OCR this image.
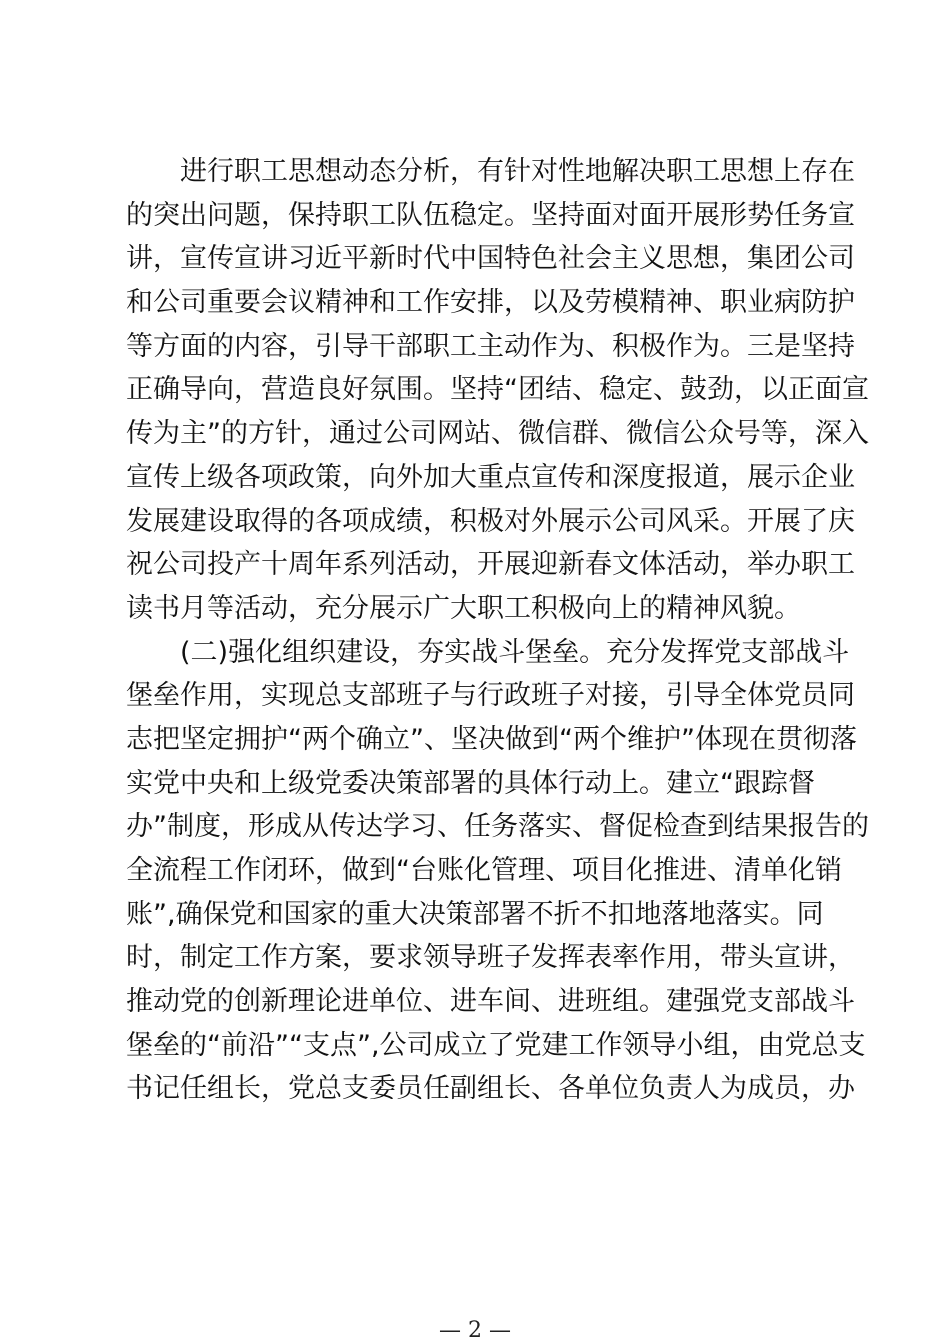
进行职工思想动态分析，有针对性地解决职工思想上存在
的突出问题，保持职工队伍稳定。坚持面对面开展形势任务宣
讲，宣传宣讲习近平新时代中国特色社会主义思想，集团公司
和公司重要会议精神和工作安排，以及劳模精神、职业病防护
等方面的内容，引导干部职工主动作为、积极作为。三是坚持
正确导向，营造良好氛围。坚持“团结、稳定、鼓劲，以正面宣
传为主”的方针，通过公司网站、微信群、微信公众号等，深入
宣传上级各项政策，向外加大重点宣传和深度报道，展示企业
发展建设取得的各项成绩，积极对外展示公司风采。开展了庆
祝公司投产十周年系列活动，开展迎新春文体活动，举办职工
读书月等活动，充分展示广大职工积极向上的精神风貌。
(二)强化组织建设，夯实战斗堡垒。充分发挥党支部战斗
堡垒作用，实现总支部班子与行政班子对接，引导全体党员同
志把坚定拥护“两个确立”、坚决做到“两个维护”体现在贯彻落
实党中央和上级党委决策部署的具体行动上。建立“跟踪督
办”制度，形成从传达学习、任务落实、督促检查到结果报告的
全流程工作闭环，做到“台账化管理、项目化推进、清单化销
账”,确保党和国家的重大决策部署不折不扣地落地落实。同
时，制定工作方案，要求领导班子发挥表率作用，带头宣讲，
推动党的创新理论进单位、进车间、进班组。建强党支部战斗
堡垒的“前沿”“支点”,公司成立了党建工作领导小组，由党总支
书记任组长，党总支委员任副组长、各单位负责人为成员，办
— 2 —
